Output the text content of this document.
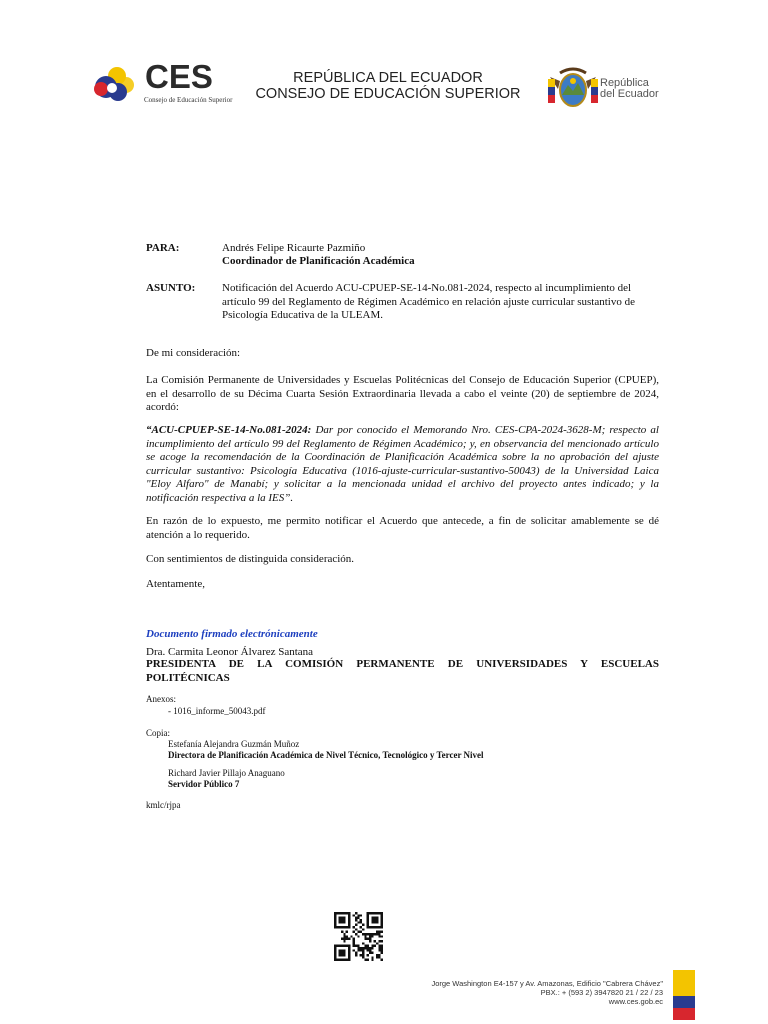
CES
Consejo de Educación Superior
REPÚBLICA DEL ECUADOR
CONSEJO DE EDUCACIÓN SUPERIOR
República
del Ecuador
PARA:	Andrés Felipe Ricaurte Pazmiño
Coordinador de Planificación Académica
ASUNTO: Notificación del Acuerdo ACU-CPUEP-SE-14-No.081-2024, respecto al incumplimiento del artículo 99 del Reglamento de Régimen Académico en relación ajuste curricular sustantivo de Psicología Educativa de la ULEAM.
De mi consideración:
La Comisión Permanente de Universidades y Escuelas Politécnicas del Consejo de Educación Superior (CPUEP), en el desarrollo de su Décima Cuarta Sesión Extraordinaria llevada a cabo el veinte (20) de septiembre de 2024, acordó:
“ACU-CPUEP-SE-14-No.081-2024: Dar por conocido el Memorando Nro. CES-CPA-2024-3628-M; respecto al incumplimiento del artículo 99 del Reglamento de Régimen Académico; y, en observancia del mencionado artículo se acoge la recomendación de la Coordinación de Planificación Académica sobre la no aprobación del ajuste curricular sustantivo: Psicología Educativa (1016-ajuste-curricular-sustantivo-50043) de la Universidad Laica "Eloy Alfaro" de Manabí; y solicitar a la mencionada unidad el archivo del proyecto antes indicado; y la notificación respectiva a la IES”.
En razón de lo expuesto, me permito notificar el Acuerdo que antecede, a fin de solicitar amablemente se dé atención a lo requerido.
Con sentimientos de distinguida consideración.
Atentamente,
Documento firmado electrónicamente
Dra. Carmita Leonor Álvarez Santana
PRESIDENTA DE LA COMISIÓN PERMANENTE DE UNIVERSIDADES Y ESCUELAS POLITÉCNICAS
Anexos:
- 1016_informe_50043.pdf
Copia:
Estefanía Alejandra Guzmán Muñoz
Directora de Planificación Académica de Nivel Técnico, Tecnológico y Tercer Nivel
Richard Javier Pillajo Anaguano
Servidor Público 7
kmlc/rjpa
Jorge Washington E4-157 y Av. Amazonas, Edificio "Cabrera Chávez"
PBX.: + (593 2) 3947820 21 / 22 / 23
www.ces.gob.ec
